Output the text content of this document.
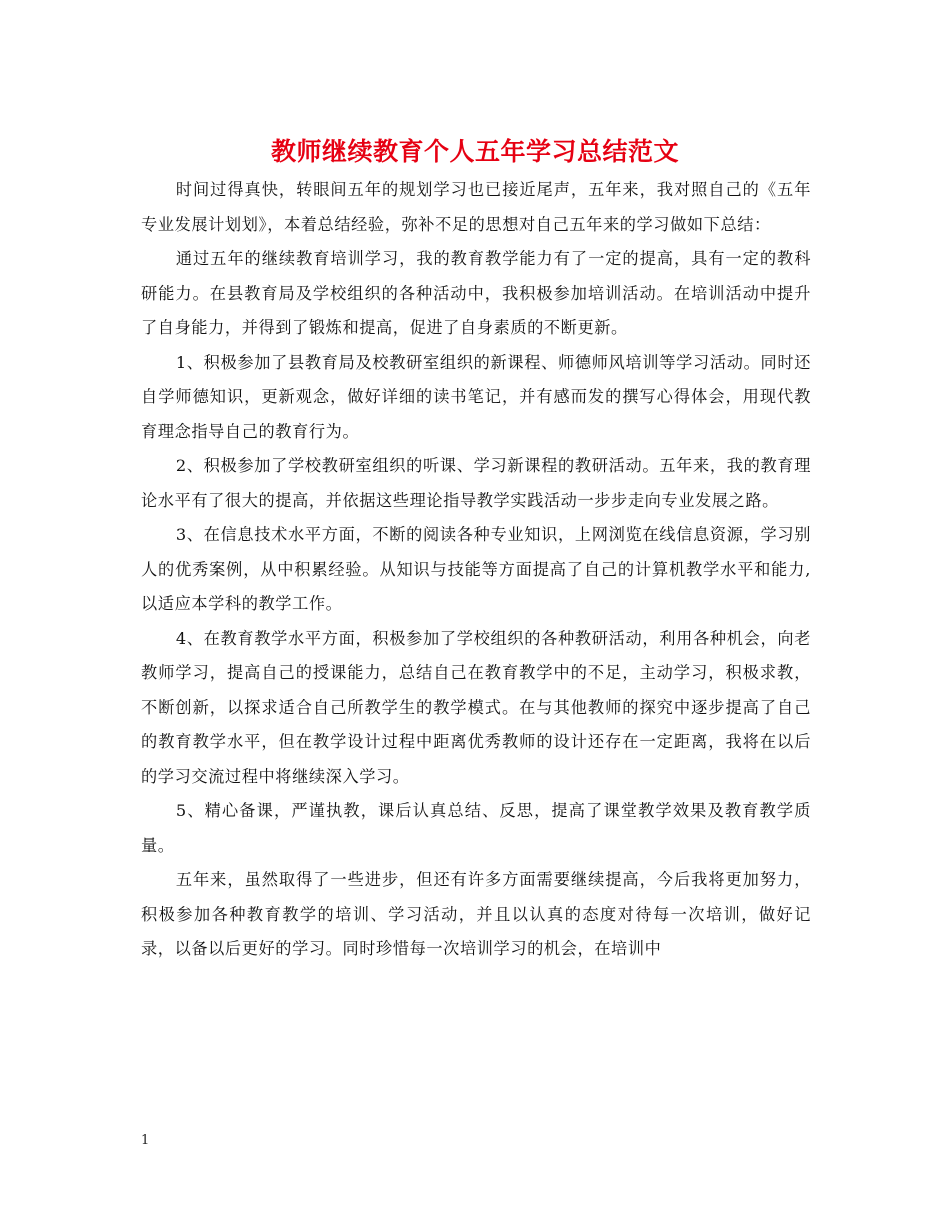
教师继续教育个人五年学习总结范文

时间过得真快，转眼间五年的规划学习也已接近尾声，五年来，我对照自己的《五年专业发展计划划》，本着总结经验，弥补不足的思想对自己五年来的学习做如下总结：

通过五年的继续教育培训学习，我的教育教学能力有了一定的提高，具有一定的教科研能力。在县教育局及学校组织的各种活动中，我积极参加培训活动。在培训活动中提升了自身能力，并得到了锻炼和提高，促进了自身素质的不断更新。

1、积极参加了县教育局及校教研室组织的新课程、师德师风培训等学习活动。同时还自学师德知识，更新观念，做好详细的读书笔记，并有感而发的撰写心得体会，用现代教育理念指导自己的教育行为。

2、积极参加了学校教研室组织的听课、学习新课程的教研活动。五年来，我的教育理论水平有了很大的提高，并依据这些理论指导教学实践活动一步步走向专业发展之路。

3、在信息技术水平方面，不断的阅读各种专业知识，上网浏览在线信息资源，学习别人的优秀案例，从中积累经验。从知识与技能等方面提高了自己的计算机教学水平和能力,以适应本学科的教学工作。

4、在教育教学水平方面，积极参加了学校组织的各种教研活动，利用各种机会，向老教师学习，提高自己的授课能力，总结自己在教育教学中的不足，主动学习，积极求教，不断创新，以探求适合自己所教学生的教学模式。在与其他教师的探究中逐步提高了自己的教育教学水平，但在教学设计过程中距离优秀教师的设计还存在一定距离，我将在以后的学习交流过程中将继续深入学习。

5、精心备课，严谨执教，课后认真总结、反思，提高了课堂教学效果及教育教学质量。

五年来，虽然取得了一些进步，但还有许多方面需要继续提高，今后我将更加努力，积极参加各种教育教学的培训、学习活动，并且以认真的态度对待每一次培训，做好记录，以备以后更好的学习。同时珍惜每一次培训学习的机会，在培训中

1
